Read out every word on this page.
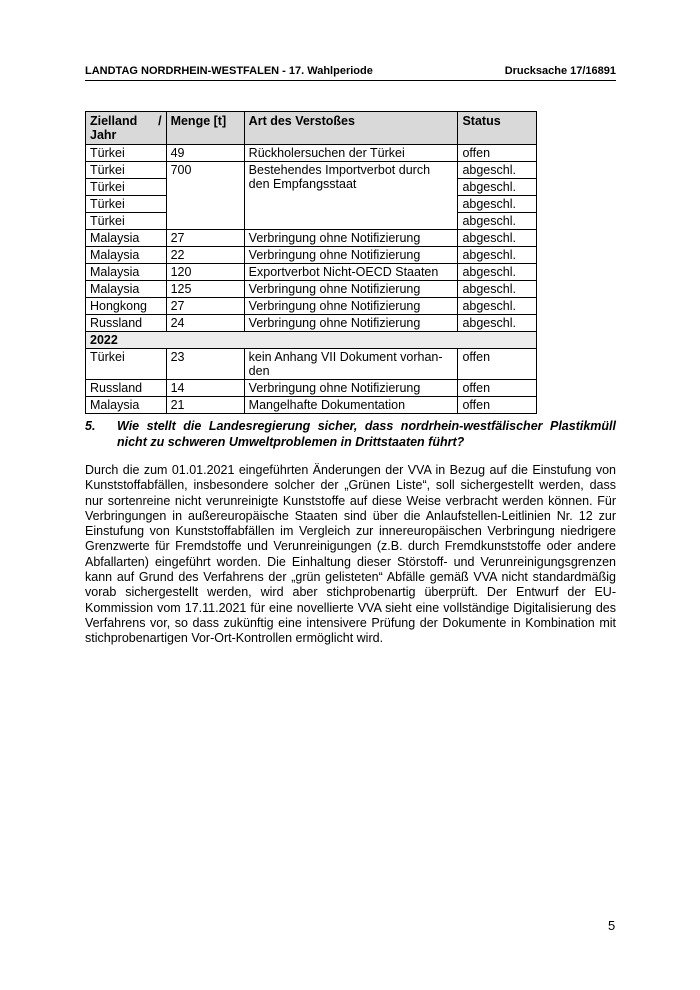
LANDTAG NORDRHEIN-WESTFALEN - 17. Wahlperiode	Drucksache 17/16891
Zielland /
Jahr	Menge [t]	Art des Verstoßes	Status
Türkei	49	Rückholersuchen der Türkei	offen
Türkei	700	Bestehendes Importverbot durch den Empfangsstaat	abgeschl.
Türkei			abgeschl.
Türkei			abgeschl.
Türkei			abgeschl.
Malaysia	27	Verbringung ohne Notifizierung	abgeschl.
Malaysia	22	Verbringung ohne Notifizierung	abgeschl.
Malaysia	120	Exportverbot Nicht-OECD Staaten	abgeschl.
Malaysia	125	Verbringung ohne Notifizierung	abgeschl.
Hongkong	27	Verbringung ohne Notifizierung	abgeschl.
Russland	24	Verbringung ohne Notifizierung	abgeschl.
2022			
Türkei	23	kein Anhang VII Dokument vorhan-den	offen
Russland	14	Verbringung ohne Notifizierung	offen
Malaysia	21	Mangelhafte Dokumentation	offen
5.	Wie stellt die Landesregierung sicher, dass nordrhein-westfälischer Plastikmüll nicht zu schweren Umweltproblemen in Drittstaaten führt?

Durch die zum 01.01.2021 eingeführten Änderungen der VVA in Bezug auf die Einstufung von Kunststoffabfällen, insbesondere solcher der „Grünen Liste“, soll sichergestellt werden, dass nur sortenreine nicht verunreinigte Kunststoffe auf diese Weise verbracht werden können. Für Verbringungen in außereuropäische Staaten sind über die Anlaufstellen-Leitlinien Nr. 12 zur Einstufung von Kunststoffabfällen im Vergleich zur innereuropäischen Verbringung niedrigere Grenzwerte für Fremdstoffe und Verunreinigungen (z.B. durch Fremdkunststoffe oder andere Abfallarten) eingeführt worden. Die Einhaltung dieser Störstoff- und Verunreinigungsgrenzen kann auf Grund des Verfahrens der „grün gelisteten“ Abfälle gemäß VVA nicht standardmäßig vorab sichergestellt werden, wird aber stichprobenartig überprüft. Der Entwurf der EU-Kommission vom 17.11.2021 für eine novellierte VVA sieht eine vollständige Digitalisierung des Verfahrens vor, so dass zukünftig eine intensivere Prüfung der Dokumente in Kombination mit stichprobenartigen Vor-Ort-Kontrollen ermöglicht wird.

5
